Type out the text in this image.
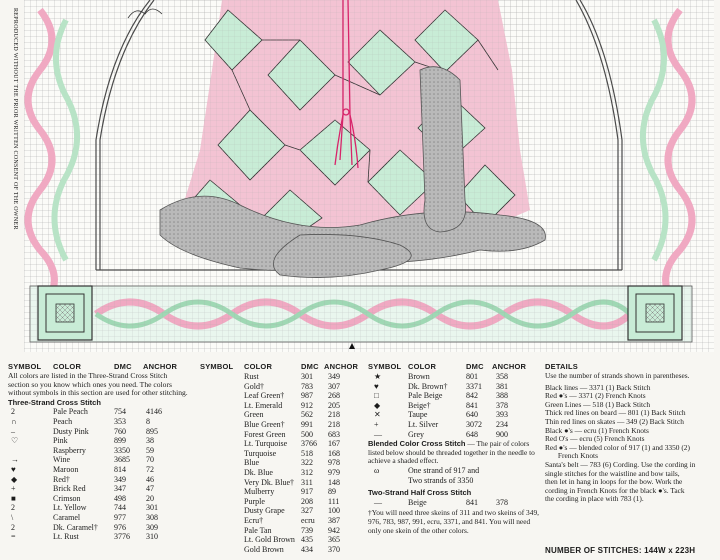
REPRODUCED WITHOUT THE PRIOR WRITTEN CONSENT OF THE OWNER
SYMBOL COLOR	DMC ANCHOR
All colors are listed in the Three-Strand Cross Stitch section so you know which ones you need. The colors without symbols in this section are used for other stitching.
Three-Strand Cross Stitch
2	Pale Peach	754	4146
∩	Peach	353	8
–	Dusty Pink	760	895
♡	Pink	899	38
Raspberry	3350 59
→	Wine	3685 70
♥	Maroon	814	72
◆	Red†	349	46
+	Brick Red	347	47
■	Crimson	498	20
2	Lt. Yellow	744	301
\	Caramel	977	308
2	Dk. Caramel† 976	309
=	Lt. Rust	3776 310
SYMBOL COLOR	DMC ANCHOR
Rust	301 349
Gold†	783 307
Leaf Green† 987 268
Lt. Emerald 912 205
Green	562 218
Blue Green† 991 218
Forest Green 500 683
Lt. Turquoise 3766 167
Turquoise	518 168
Blue	322 978
Dk. Blue	312 979
Very Dk. Blue† 311 148
Mulberry	917 89
Purple	208 111
Dusty Grape 327 100
Ecru†	ecru 387
Pale Tan	739 942
Lt. Gold Brown 435 365
Gold Brown 434 370
SYMBOL COLOR	DMC ANCHOR
★	Brown	801 358
♥	Dk. Brown† 3371 381
□	Pale Beige	842 388
◆	Beige†	841 378
✕	Taupe	640 393
+	Lt. Silver	3072 234
—	Grey	648 900
Blended Color Cross Stitch — The pair of colors listed below should be threaded together in the needle to achieve a shaded effect.
ω	One strand of 917 and
Two strands of 3350
Two-Strand Half Cross Stitch
—	Beige	841 378
†You will need three skeins of 311 and two skeins of 349, 976, 783, 987, 991, ecru, 3371, and 841. You will need only one skein of the other colors.
DETAILS
Use the number of strands shown in parentheses.
Black lines — 3371 (1) Back Stitch
Red ●'s — 3371 (2) French Knots
Green Lines — 518 (1) Back Stitch
Thick red lines on beard — 801 (1) Back Stitch
Thin red lines on skates — 349 (2) Back Stitch
Black ●'s — ecru (1) French Knots
Red O's — ecru (5) French Knots
Red ●'s — blended color of 917 (1) and 3350 (2)
French Knots
Santa's belt — 783 (6) Cording. Use the cording in
single stitches for the waistline and bow tails,
then let in hang in loops for the bow. Work the
cording in French Knots for the black ●'s. Tack
the cording in place with 783 (1).
NUMBER OF STITCHES: 144W x 223H
